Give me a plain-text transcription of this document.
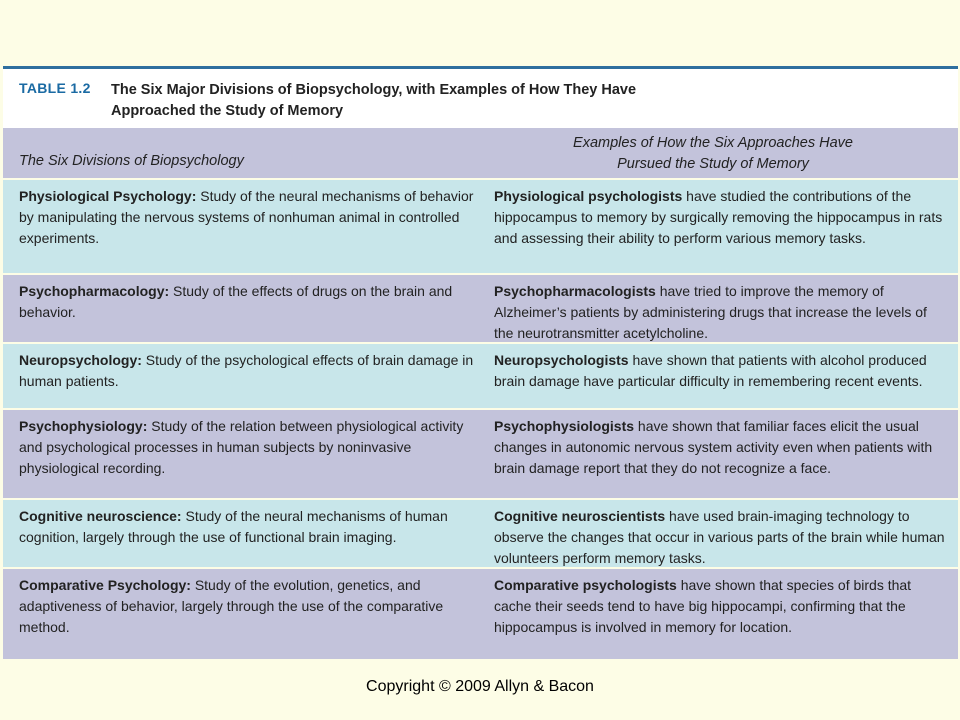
TABLE 1.2 The Six Major Divisions of Biopsychology, with Examples of How They Have
Approached the Study of Memory
The Six Divisions of Biopsychology
Examples of How the Six Approaches Have
Pursued the Study of Memory
Physiological Psychology: Study of the neural mechanisms of behavior by manipulating the nervous systems of nonhuman animal in controlled experiments.
Physiological psychologists have studied the contributions of the hippocampus to memory by surgically removing the hippocampus in rats and assessing their ability to perform various memory tasks.
Psychopharmacology: Study of the effects of drugs on the brain and behavior.
Psychopharmacologists have tried to improve the memory of Alzheimer’s patients by administering drugs that increase the levels of the neurotransmitter acetylcholine.
Neuropsychology: Study of the psychological effects of brain damage in human patients.
Neuropsychologists have shown that patients with alcohol produced brain damage have particular difficulty in remembering recent events.
Psychophysiology: Study of the relation between physiological activity and psychological processes in human subjects by noninvasive physiological recording.
Psychophysiologists have shown that familiar faces elicit the usual changes in autonomic nervous system activity even when patients with brain damage report that they do not recognize a face.
Cognitive neuroscience: Study of the neural mechanisms of human cognition, largely through the use of functional brain imaging.
Cognitive neuroscientists have used brain-imaging technology to observe the changes that occur in various parts of the brain while human volunteers perform memory tasks.
Comparative Psychology: Study of the evolution, genetics, and adaptiveness of behavior, largely through the use of the comparative method.
Comparative psychologists have shown that species of birds that cache their seeds tend to have big hippocampi, confirming that the hippocampus is involved in memory for location.
Copyright © 2009 Allyn & Bacon
